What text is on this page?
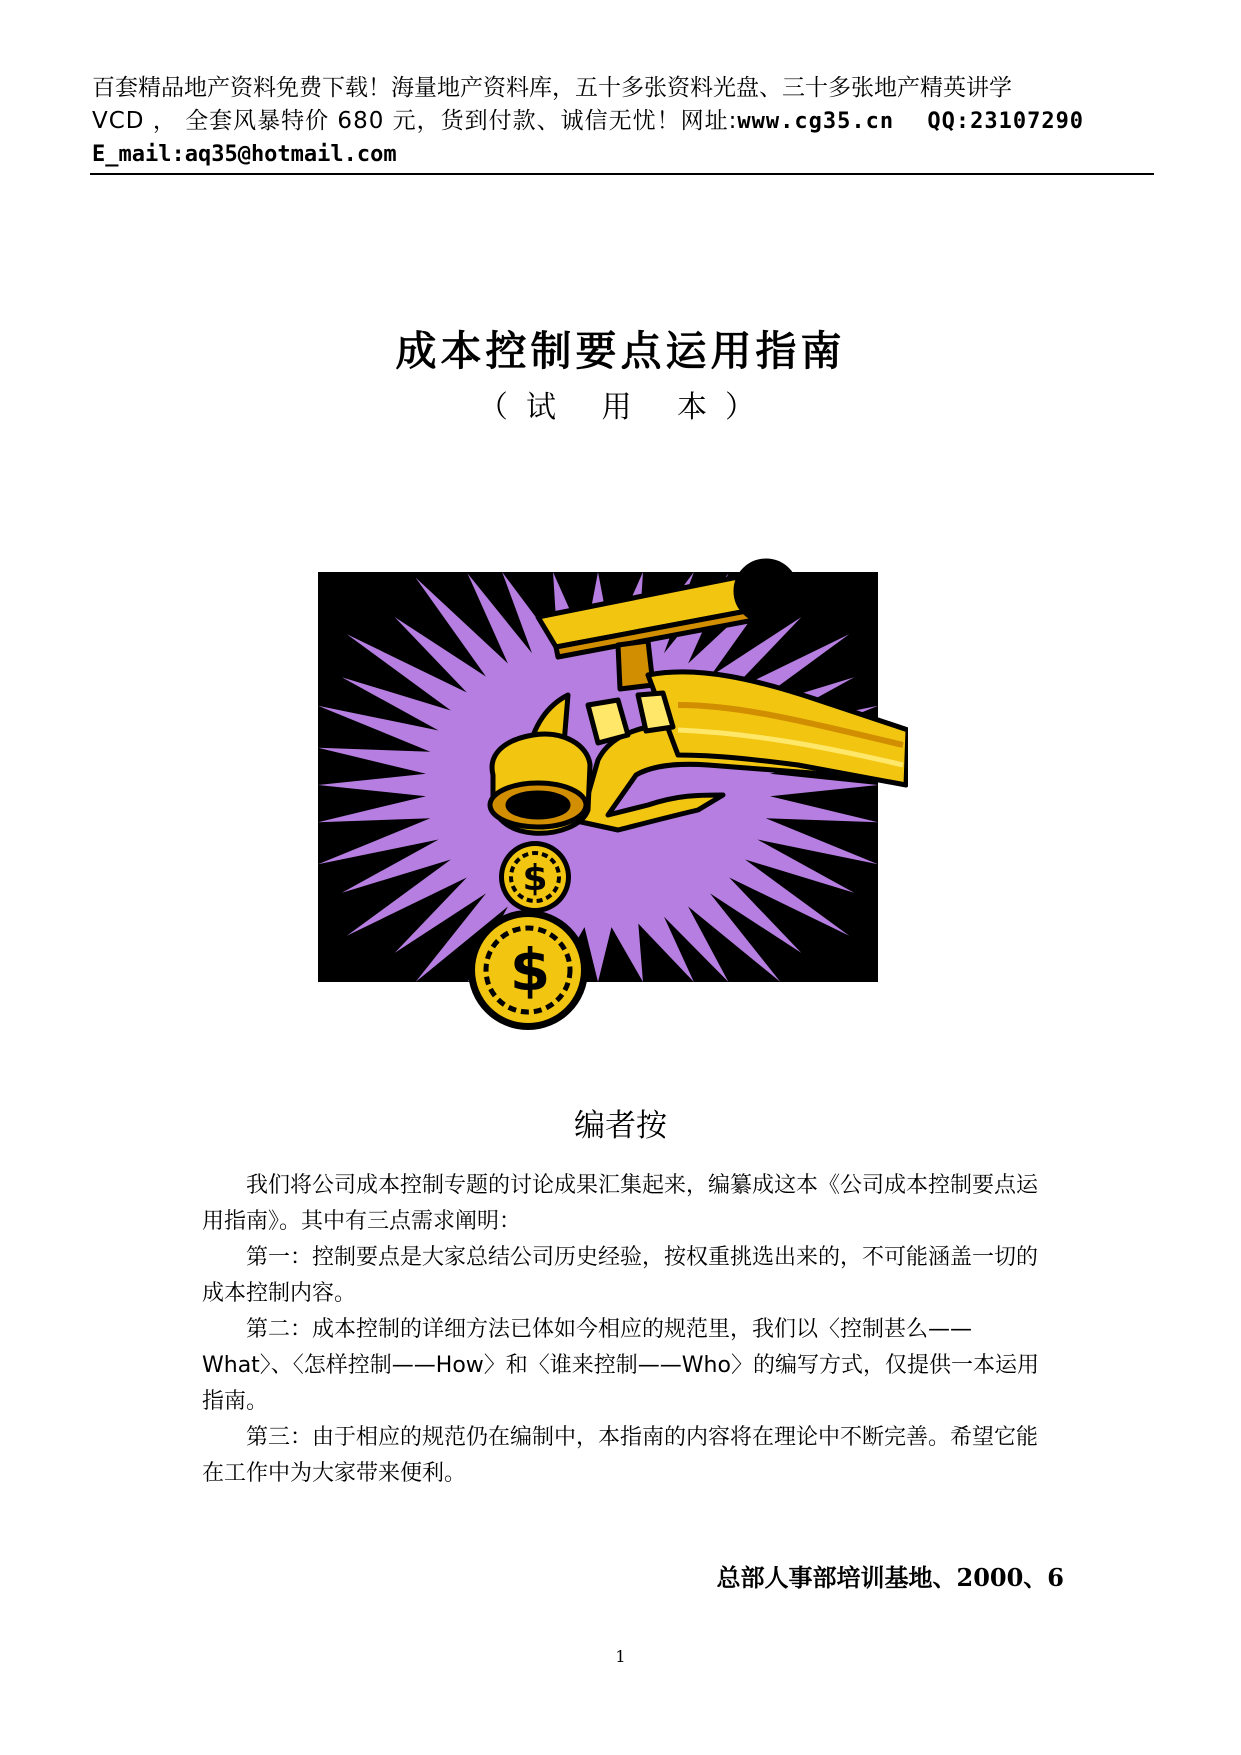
百套精品地产资料免费下载！海量地产资料库，五十多张资料光盘、三十多张地产精英讲学
VCD ， 全套风暴特价 680 元，货到付款、诚信无忧！网址:www.cg35.cn QQ:23107290
E_mail:aq35@hotmail.com
成本控制要点运用指南
（试 用 本）
$
$
编者按

我们将公司成本控制专题的讨论成果汇集起来，编纂成这本《公司成本控制要点运用指南》。其中有三点需求阐明：

第一：控制要点是大家总结公司历史经验，按权重挑选出来的，不可能涵盖一切的成本控制内容。

第二：成本控制的详细方法已体如今相应的规范里，我们以〈控制甚么——What〉、〈怎样控制——How〉和〈谁来控制——Who〉的编写方式，仅提供一本运用指南。

第三：由于相应的规范仍在编制中，本指南的内容将在理论中不断完善。希望它能在工作中为大家带来便利。

总部人事部培训基地、2000、6
1
